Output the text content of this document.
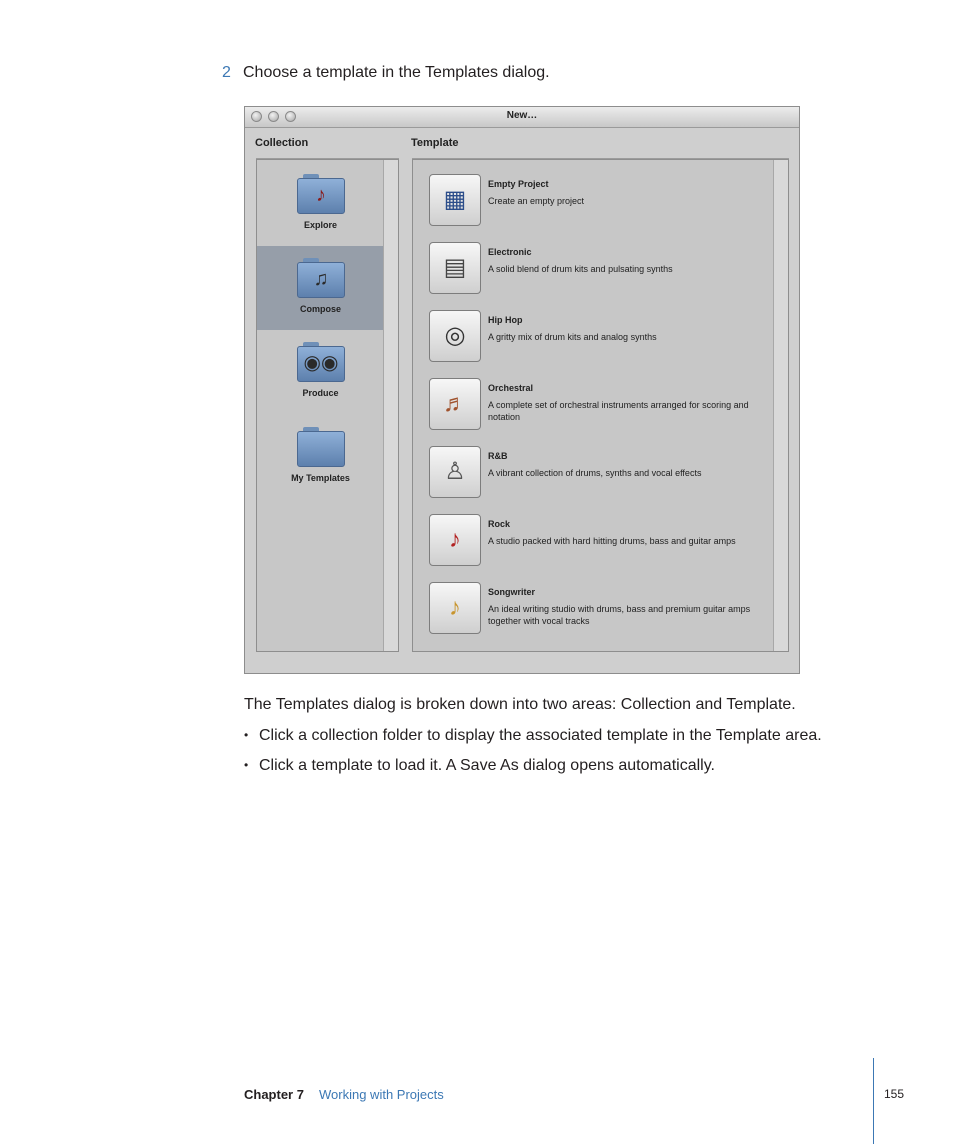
2 Choose a template in the Templates dialog.
New…
Collection	Template
♪
Explore
♫
Compose
◉◉
Produce
My Templates
▦
Empty Project
Create an empty project
▤
Electronic
A solid blend of drum kits and pulsating synths
◎
Hip Hop
A gritty mix of drum kits and analog synths
♬
Orchestral
A complete set of orchestral instruments arranged for scoring and notation
♙
R&B
A vibrant collection of drums, synths and vocal effects
♪
Rock
A studio packed with hard hitting drums, bass and guitar amps
♪
Songwriter
An ideal writing studio with drums, bass and premium guitar amps together with vocal tracks
The Templates dialog is broken down into two areas: Collection and Template.
• Click a collection folder to display the associated template in the Template area.
• Click a template to load it. A Save As dialog opens automatically.
Chapter 7 Working with Projects	155
